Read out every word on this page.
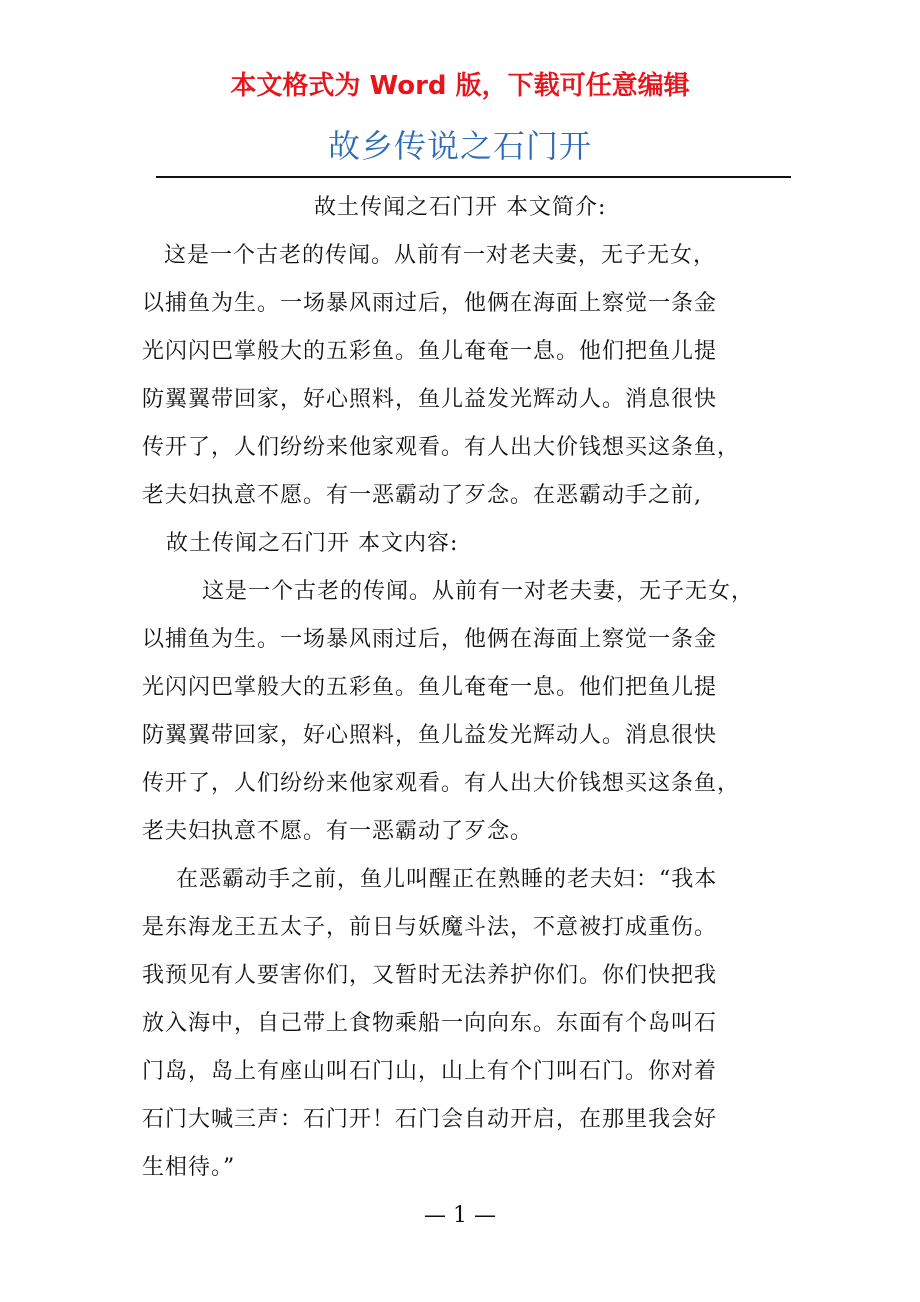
本文格式为 Word 版，下载可任意编辑
故乡传说之石门开
故土传闻之石门开 本文简介:
这是一个古老的传闻。从前有一对老夫妻，无子无女，
以捕鱼为生。一场暴风雨过后，他俩在海面上察觉一条金
光闪闪巴掌般大的五彩鱼。鱼儿奄奄一息。他们把鱼儿提
防翼翼带回家，好心照料，鱼儿益发光辉动人。消息很快
传开了，人们纷纷来他家观看。有人出大价钱想买这条鱼，
老夫妇执意不愿。有一恶霸动了歹念。在恶霸动手之前,
故土传闻之石门开 本文内容:
这是一个古老的传闻。从前有一对老夫妻，无子无女，
以捕鱼为生。一场暴风雨过后，他俩在海面上察觉一条金
光闪闪巴掌般大的五彩鱼。鱼儿奄奄一息。他们把鱼儿提
防翼翼带回家，好心照料，鱼儿益发光辉动人。消息很快
传开了，人们纷纷来他家观看。有人出大价钱想买这条鱼，
老夫妇执意不愿。有一恶霸动了歹念。
在恶霸动手之前，鱼儿叫醒正在熟睡的老夫妇：“我本
是东海龙王五太子，前日与妖魔斗法，不意被打成重伤。
我预见有人要害你们，又暂时无法养护你们。你们快把我
放入海中，自己带上食物乘船一向向东。东面有个岛叫石
门岛，岛上有座山叫石门山，山上有个门叫石门。你对着
石门大喊三声：石门开！石门会自动开启，在那里我会好
生相待。”
— 1 —
